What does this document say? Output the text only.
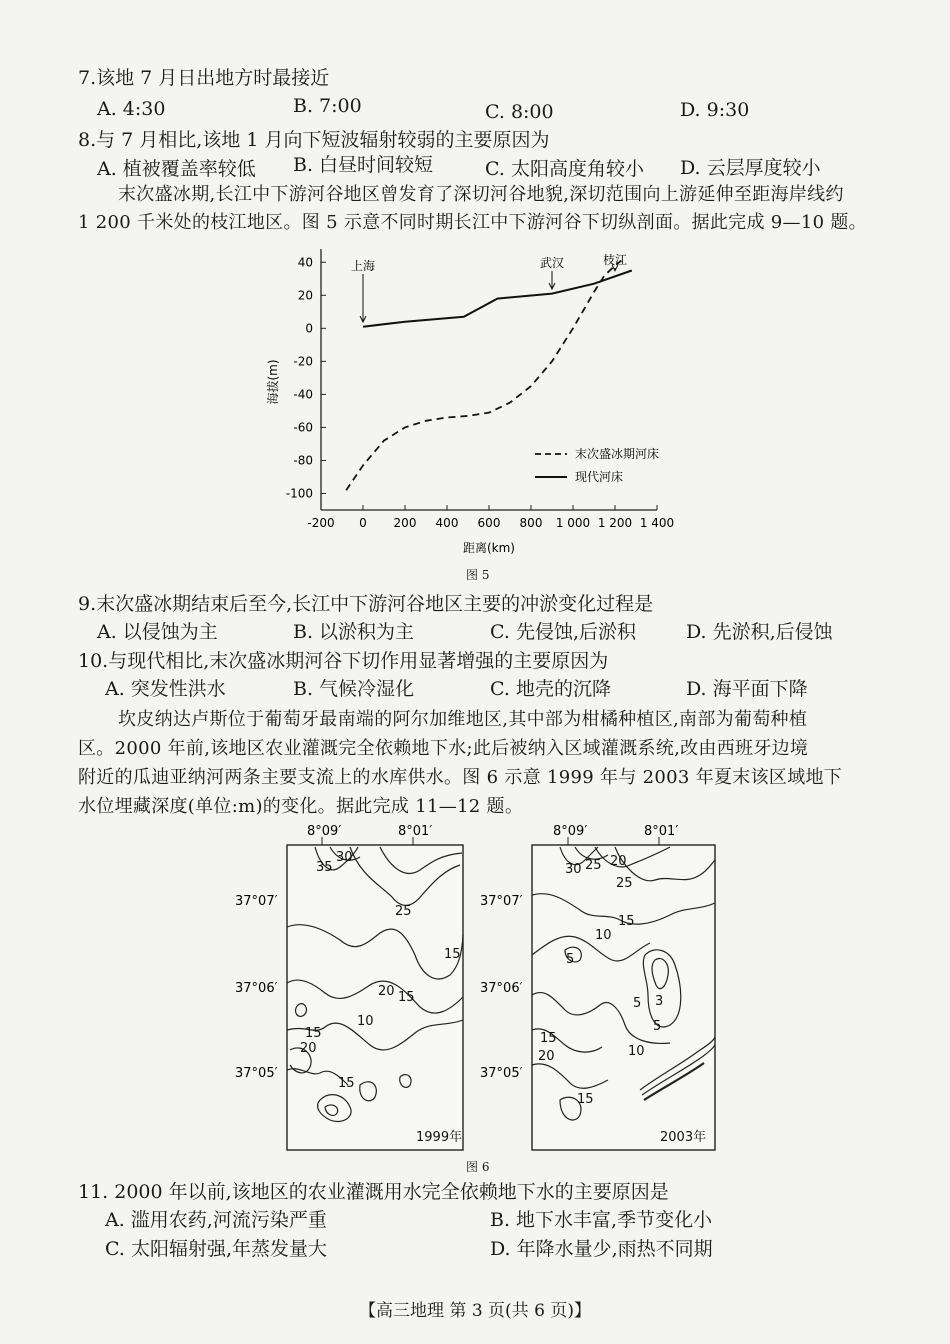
7.该地 7 月日出地方时最接近
A. 4:30	B. 7:00	C. 8:00	D. 9:30
8.与 7 月相比,该地 1 月向下短波辐射较弱的主要原因为
A. 植被覆盖率较低 B. 白昼时间较短	C. 太阳高度角较小 D. 云层厚度较小
末次盛冰期,长江中下游河谷地区曾发育了深切河谷地貌,深切范围向上游延伸至距海岸线约
1 200 千米处的枝江地区。图 5 示意不同时期长江中下游河谷下切纵剖面。据此完成 9—10 题。
-200 0 200 400 600 800 1 000 1 200 1 400
40
20
0
-20
-40
-60
-80
-100
距离(km)
海拔(m)
末次盛冰期河床
现代河床
上海	武汉	枝江
图 5
9.末次盛冰期结束后至今,长江中下游河谷地区主要的冲淤变化过程是
A. 以侵蚀为主	B. 以淤积为主	C. 先侵蚀,后淤积	D. 先淤积,后侵蚀
10.与现代相比,末次盛冰期河谷下切作用显著增强的主要原因为
A. 突发性洪水	B. 气候冷湿化	C. 地壳的沉降	D. 海平面下降
坎皮纳达卢斯位于葡萄牙最南端的阿尔加维地区,其中部为柑橘种植区,南部为葡萄种植
区。2000 年前,该地区农业灌溉完全依赖地下水;此后被纳入区域灌溉系统,改由西班牙边境
附近的瓜迪亚纳河两条主要支流上的水库供水。图 6 示意 1999 年与 2003 年夏末该区域地下
水位埋藏深度(单位:m)的变化。据此完成 11—12 题。
8°09′	8°01′	8°09′	8°01′
37°07′
37°06′
37°05′
37°07′
37°06′
37°05′
35
30
25
15
20 15
10
15
20
15
1999年
30 25 20
25
15
10
5
5 3
5
15
20
15
10
2003年
图 6
11. 2000 年以前,该地区的农业灌溉用水完全依赖地下水的主要原因是
A. 滥用农药,河流污染严重	B. 地下水丰富,季节变化小
C. 太阳辐射强,年蒸发量大	D. 年降水量少,雨热不同期
【高三地理 第 3 页(共 6 页)】
